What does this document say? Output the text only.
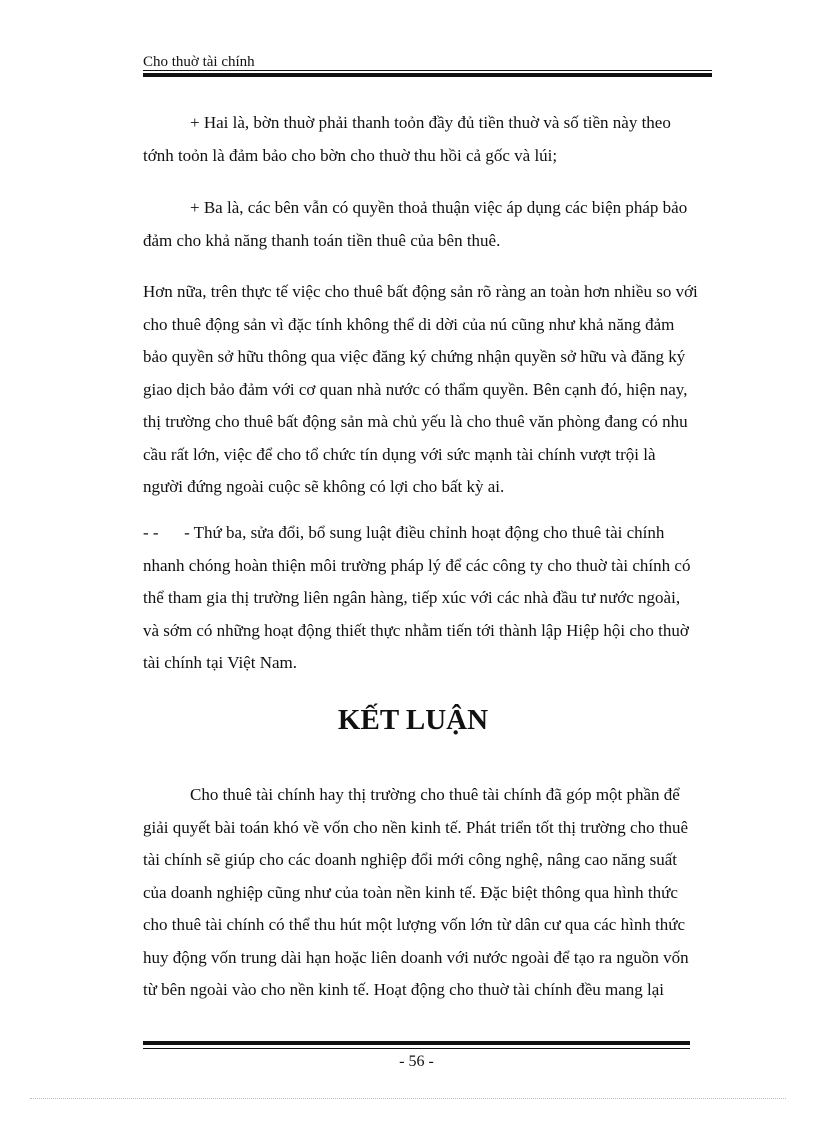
Cho thuờ tài chính
+ Hai là, bờn thuờ phải thanh toỏn đầy đủ tiền thuờ và số tiền này theo
tớnh toỏn là đảm bảo cho bờn cho thuờ thu hồi cả gốc và lúi;
+ Ba là, các bên vẫn có quyền thoả thuận việc áp dụng các biện pháp bảo
đảm cho khả năng thanh toán tiền thuê của bên thuê.
Hơn nữa, trên thực tế việc cho thuê bất động sản rõ ràng an toàn hơn nhiều so với
cho thuê động sản vì đặc tính không thể di dời của nú cũng như khả năng đảm
bảo quyền sở hữu thông qua việc đăng ký chứng nhận quyền sở hữu và đăng ký
giao dịch bảo đảm với cơ quan nhà nước có thẩm quyền. Bên cạnh đó, hiện nay,
thị trường cho thuê bất động sản mà chủ yếu là cho thuê văn phòng đang có nhu
cầu rất lớn, việc để cho tổ chức tín dụng với sức mạnh tài chính vượt trội là
người đứng ngoài cuộc sẽ không có lợi cho bất kỳ ai.
- -      - Thứ ba, sửa đổi, bổ sung luật điều chỉnh hoạt động cho thuê tài chính
nhanh chóng hoàn thiện môi trường pháp lý để các công ty cho thuờ tài chính có
thể tham gia thị trường liên ngân hàng, tiếp xúc với các nhà đầu tư nước ngoài,
và sớm có những hoạt động thiết thực nhằm tiến tới thành lập Hiệp hội cho thuờ
tài chính tại Việt Nam.
KẾT LUẬN
Cho thuê tài chính hay thị trường cho thuê tài chính đã góp một phần để
giải quyết bài toán khó về vốn cho nền kinh tế. Phát triển tốt thị trường cho thuê
tài chính sẽ giúp cho các doanh nghiệp đổi mới công nghệ, nâng cao năng suất
của doanh nghiệp cũng như của toàn nền kinh tế. Đặc biệt thông qua hình thức
cho thuê tài chính có thể thu hút một lượng vốn lớn từ dân cư qua các hình thức
huy động vốn trung dài hạn hoặc liên doanh với nước ngoài để tạo ra nguồn vốn
từ bên ngoài vào cho nền kinh tế. Hoạt động cho thuờ tài chính đều mang lại
- 56 -
